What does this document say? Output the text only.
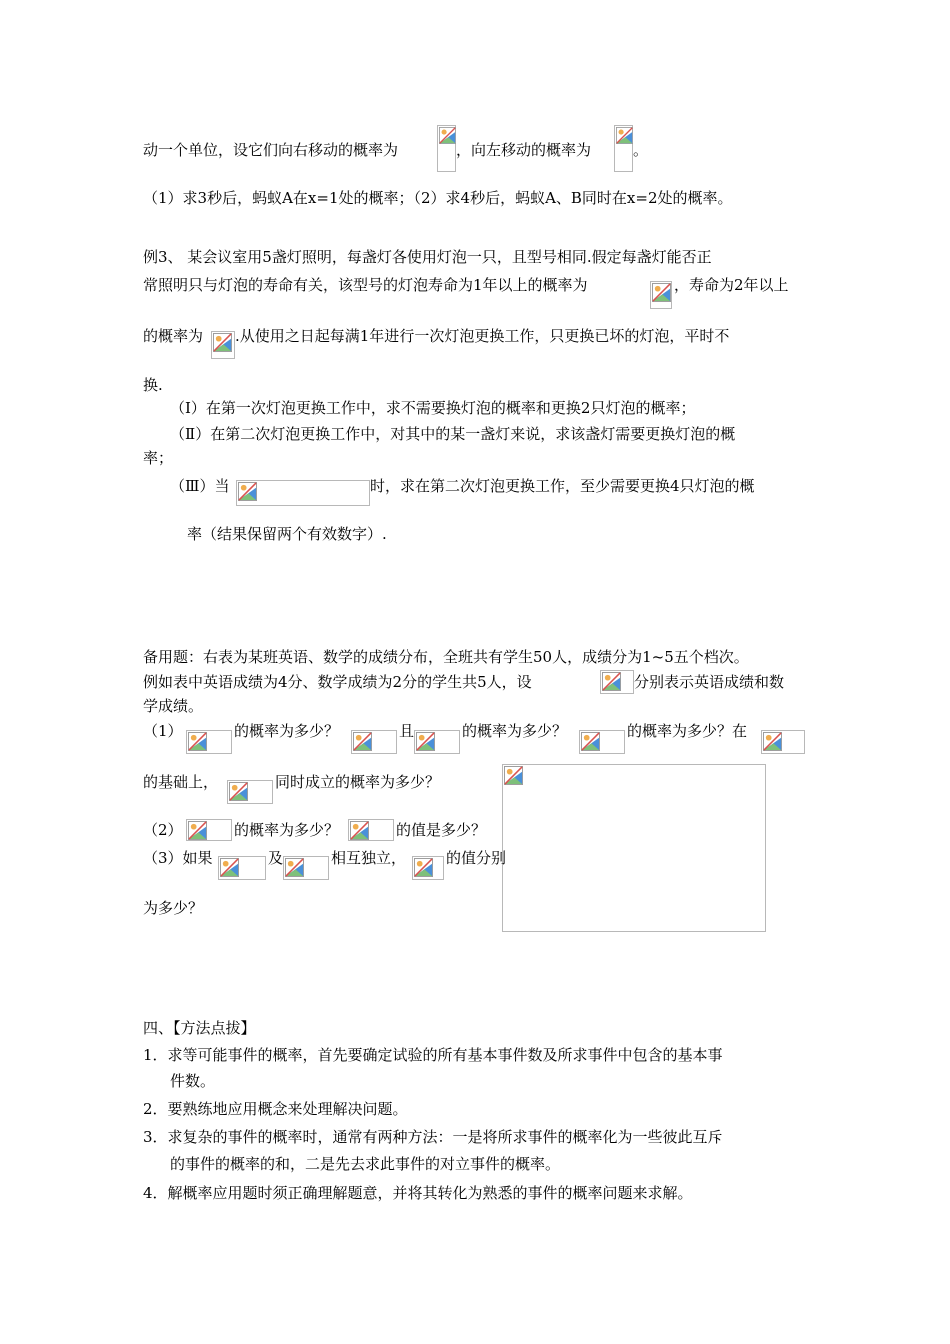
动一个单位，设它们向右移动的概率为	，向左移动的概率为	。
（1）求3秒后，蚂蚁A在x=1处的概率；（2）求4秒后，蚂蚁A、B同时在x=2处的概率。
例3、 某会议室用5盏灯照明，每盏灯各使用灯泡一只，且型号相同.假定每盏灯能否正
常照明只与灯泡的寿命有关，该型号的灯泡寿命为1年以上的概率为	，寿命为2年以上
的概率为 .从使用之日起每满1年进行一次灯泡更换工作，只更换已坏的灯泡，平时不
换.
（Ⅰ）在第一次灯泡更换工作中，求不需要换灯泡的概率和更换2只灯泡的概率；
（Ⅱ）在第二次灯泡更换工作中，对其中的某一盏灯来说，求该盏灯需要更换灯泡的概
率；
（Ⅲ）当	时，求在第二次灯泡更换工作，至少需要更换4只灯泡的概
率（结果保留两个有效数字）.
备用题：右表为某班英语、数学的成绩分布，全班共有学生50人，成绩分为1~5五个档次。
例如表中英语成绩为4分、数学成绩为2分的学生共5人，设	分别表示英语成绩和数
学成绩。
（1）	的概率为多少？	且	的概率为多少？	的概率为多少？在
的基础上，	同时成立的概率为多少？
（2）	的概率为多少？	的值是多少？
（3）如果	及	相互独立，	的值分别
为多少？
四、【方法点拔】
1．求等可能事件的概率，首先要确定试验的所有基本事件数及所求事件中包含的基本事
件数。
2．要熟练地应用概念来处理解决问题。
3．求复杂的事件的概率时，通常有两种方法：一是将所求事件的概率化为一些彼此互斥
的事件的概率的和，二是先去求此事件的对立事件的概率。
4．解概率应用题时须正确理解题意，并将其转化为熟悉的事件的概率问题来求解。
